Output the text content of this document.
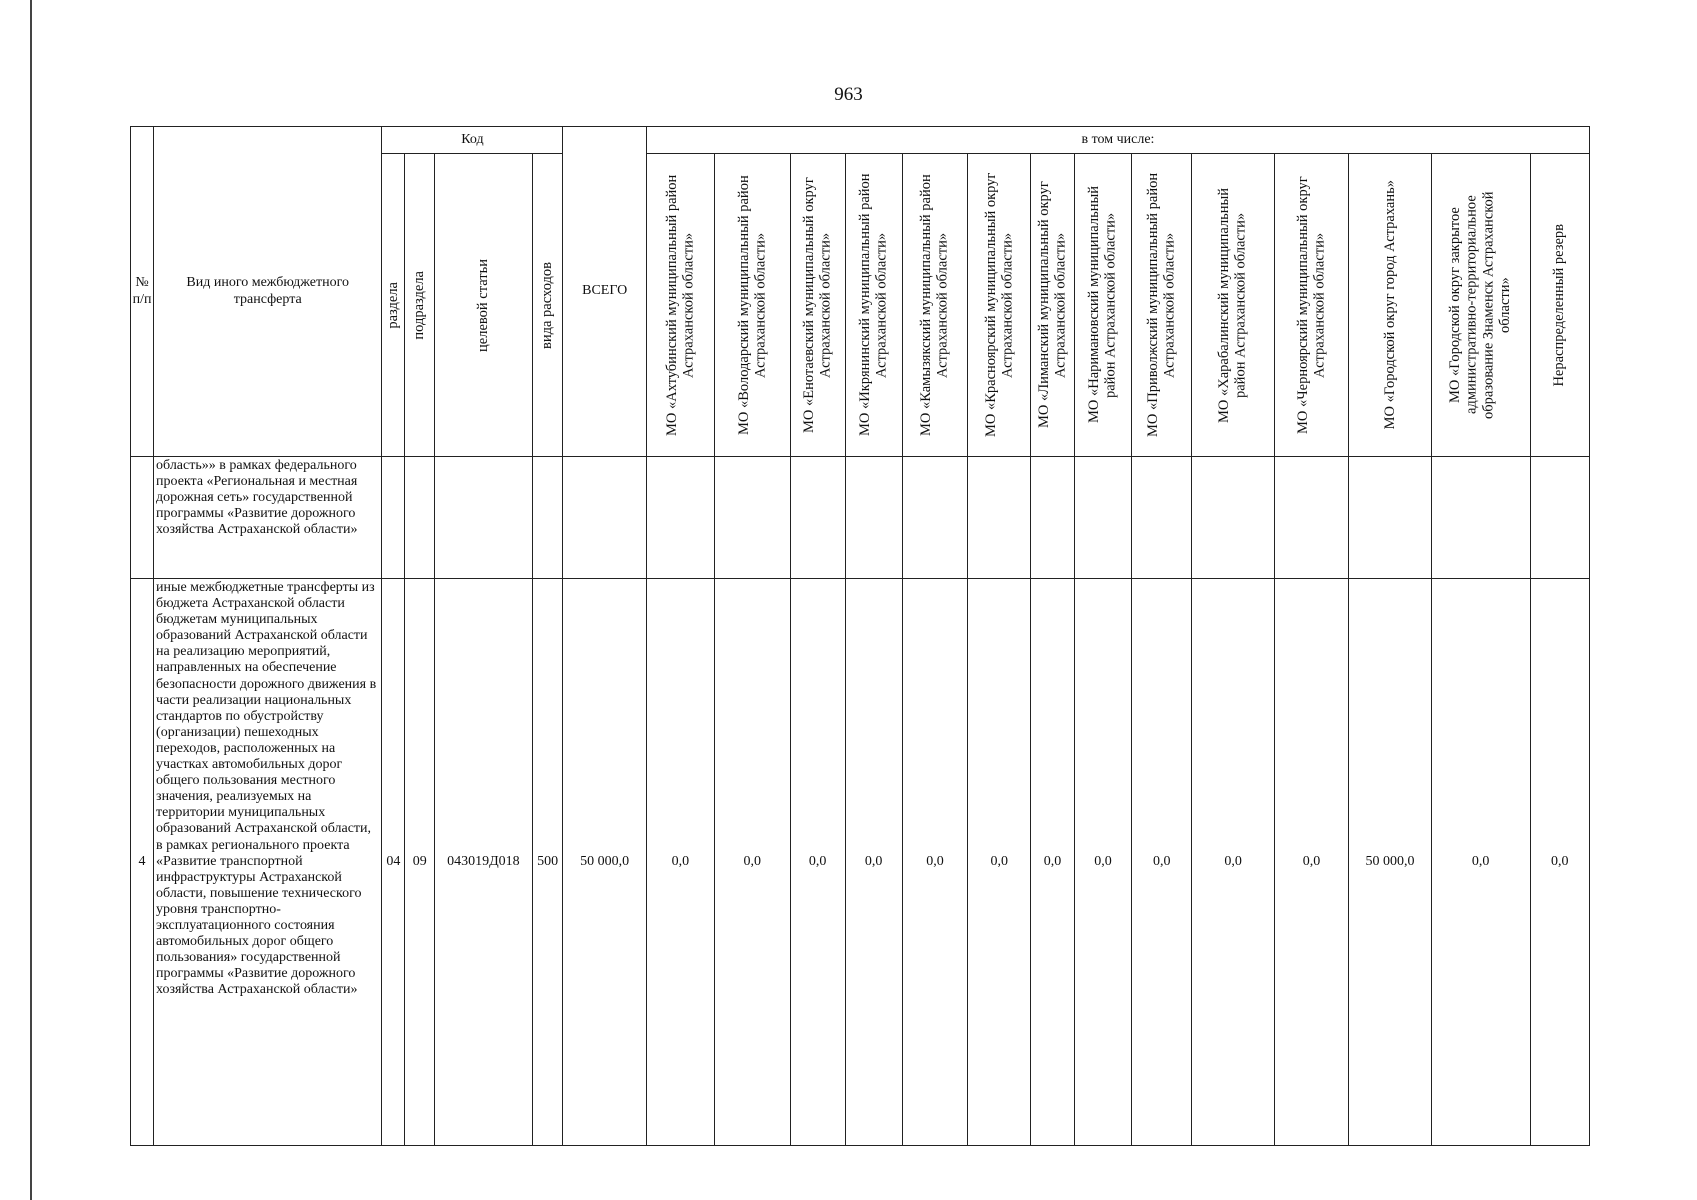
963
№ п/п	Вид иного межбюджетного трансферта	Код				ВСЕГО	в том числе:													

		раздела	подраздела	целевой статьи	вида расходов		МО «Ахтубинский муниципальный район Астраханской области»	МО «Володарский муниципальный район Астраханской области»	МО «Енотаевский муниципальный округ Астраханской области»	МО «Икрянинский муниципальный район Астраханской области»	МО «Камызякский муниципальный район Астраханской области»	МО «Красноярский муниципальный округ Астраханской области»	МО «Лиманский муниципальный округ Астраханской области»	МО «Наримановский муниципальный район Астраханской области»	МО «Приволжский муниципальный район Астраханской области»	МО «Харабалинский муниципальный район Астраханской области»	МО «Черноярский муниципальный округ Астраханской области»	МО «Городской округ город Астрахань»	МО «Городской округ закрытое административно-территориальное образование Знаменск Астраханской области»	Нераспределенный резерв

	область»» в рамках федерального проекта «Региональная и местная дорожная сеть» государственной программы «Развитие дорожного хозяйства Астраханской области»																			
4	иные межбюджетные трансферты из бюджета Астраханской области бюджетам муниципальных образований Астраханской области на реализацию мероприятий, направленных на обеспечение безопасности дорожного движения в части реализации национальных стандартов по обустройству (организации) пешеходных переходов, расположенных на участках автомобильных дорог общего пользования местного значения, реализуемых на территории муниципальных образований Астраханской области, в рамках регионального проекта «Развитие транспортной инфраструктуры Астраханской области, повышение технического уровня транспортно-эксплуатационного состояния автомобильных дорог общего пользования» государственной программы «Развитие дорожного хозяйства Астраханской области»	04	09	043019Д018	500	50 000,0	0,0	0,0	0,0	0,0	0,0	0,0	0,0	0,0	0,0	0,0	0,0	50 000,0	0,0	0,0
